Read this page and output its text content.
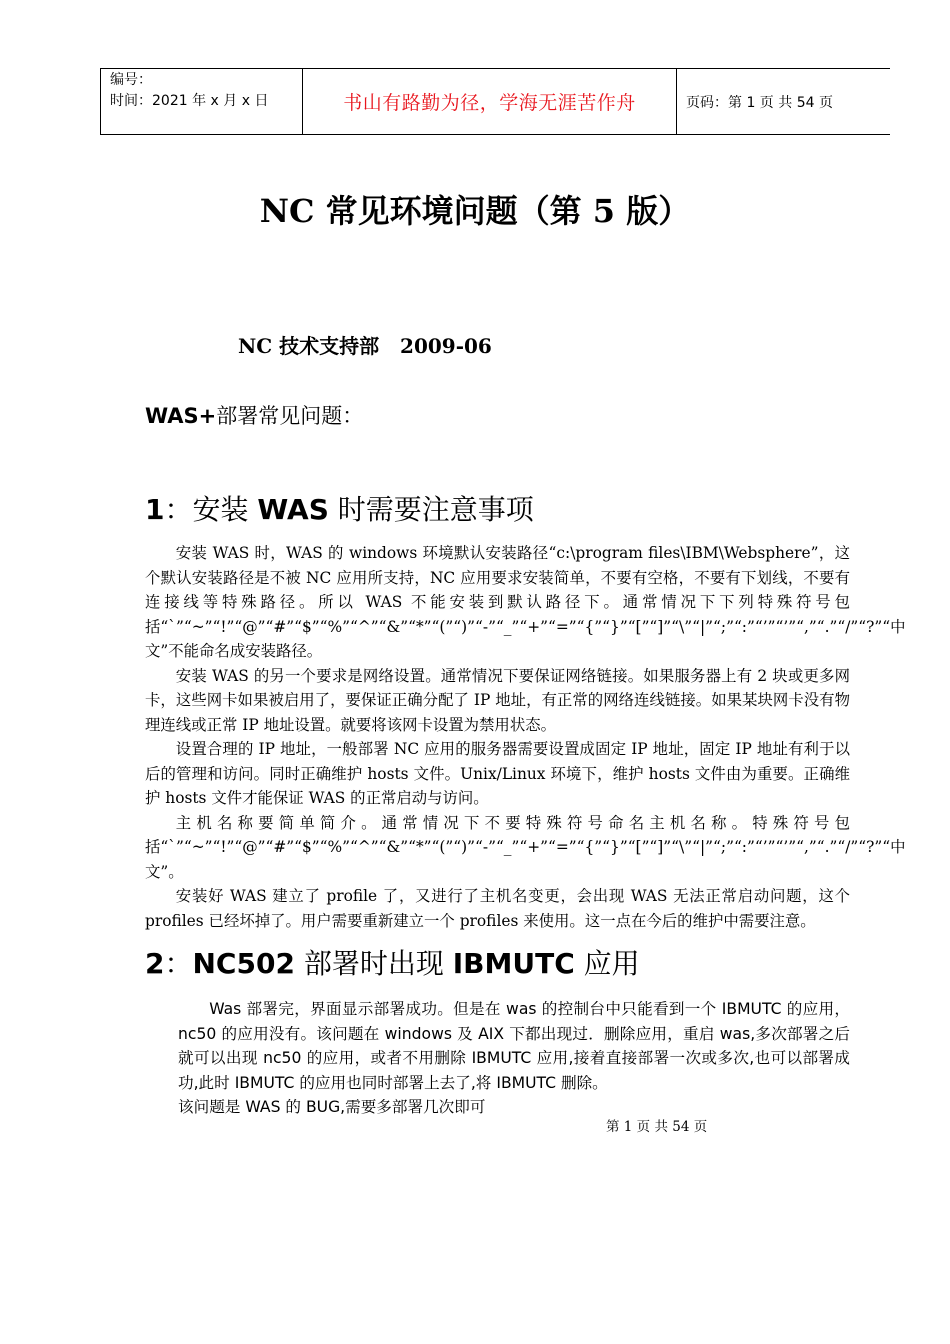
编号：
时间：2021 年 x 月 x 日	书山有路勤为径，学海无涯苦作舟	页码：第 1 页 共 54 页
NC 常见环境问题（第 5 版）
NC 技术支持部   2009-06
WAS+部署常见问题：
1：安装 WAS 时需要注意事项

安装 WAS 时，WAS 的 windows 环境默认安装路径“c:\program files\IBM\Websphere”，这个默认安装路径是不被 NC 应用所支持，NC 应用要求安装简单，不要有空格，不要有下划线，不要有连接线等特殊路径。所以 WAS 不能安装到默认路径下。通常情况下下列特殊符号包括“`”“~”“!”“@”“#”“$”“%”“^”“&”“*”“(”“)”“-”“_”“+”“=”“{”“}”“[”“]”“\”“|”“;”“:”“’”“’”“,”“.”“/”“?”“中文”不能命名成安装路径。

安装 WAS 的另一个要求是网络设置。通常情况下要保证网络链接。如果服务器上有 2 块或更多网卡，这些网卡如果被启用了，要保证正确分配了 IP 地址，有正常的网络连线链接。如果某块网卡没有物理连线或正常 IP 地址设置。就要将该网卡设置为禁用状态。

设置合理的 IP 地址，一般部署 NC 应用的服务器需要设置成固定 IP 地址，固定 IP 地址有利于以后的管理和访问。同时正确维护 hosts 文件。Unix/Linux 环境下，维护 hosts 文件由为重要。正确维护 hosts 文件才能保证 WAS 的正常启动与访问。

主机名称要简单简介。通常情况下不要特殊符号命名主机名称。特殊符号包括“`”“~”“!”“@”“#”“$”“%”“^”“&”“*”“(”“)”“-”“_”“+”“=”“{”“}”“[”“]”“\”“|”“;”“:”“’”“’”“,”“.”“/”“?”“中文”。

安装好 WAS 建立了 profile 了，又进行了主机名变更，会出现 WAS 无法正常启动问题，这个 profiles 已经坏掉了。用户需要重新建立一个 profiles 来使用。这一点在今后的维护中需要注意。

2：NC502 部署时出现 IBMUTC 应用

Was 部署完，界面显示部署成功。但是在 was 的控制台中只能看到一个 IBMUTC 的应用，nc50 的应用没有。该问题在 windows 及 AIX 下都出现过．删除应用，重启 was,多次部署之后就可以出现 nc50 的应用，或者不用删除 IBMUTC 应用,接着直接部署一次或多次,也可以部署成功,此时 IBMUTC 的应用也同时部署上去了,将 IBMUTC 删除。

该问题是 WAS 的 BUG,需要多部署几次即可

第 1 页 共 54 页
